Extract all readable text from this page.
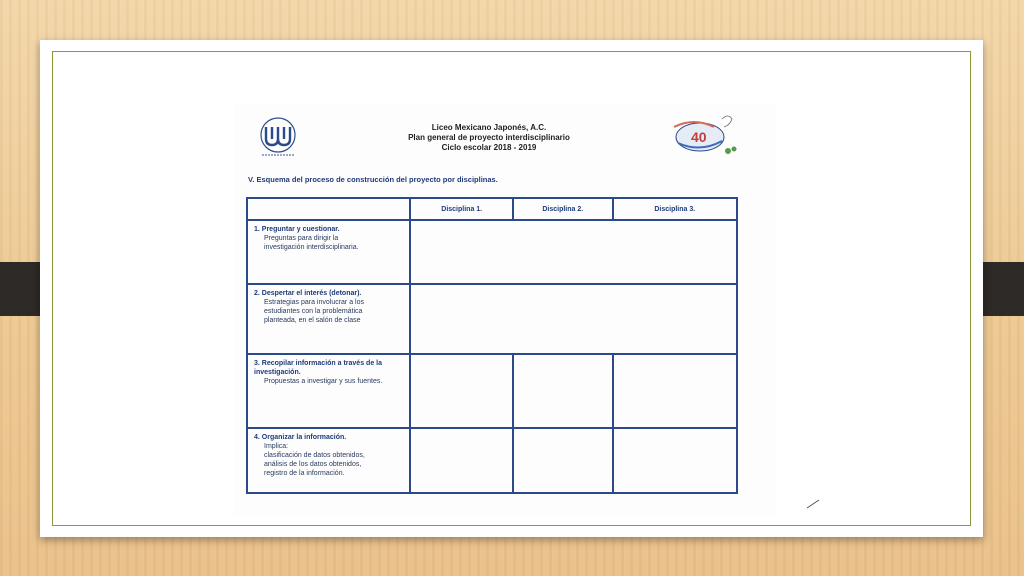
Liceo Mexicano Japonés, A.C.
Plan general de proyecto interdisciplinario
Ciclo escolar 2018 - 2019
40
V. Esquema del proceso de construcción del proyecto por disciplinas.
	Disciplina 1.	Disciplina 2.	Disciplina 3.

1. Preguntar y cuestionar.
Preguntas para dirigir la
investigación interdisciplinaria.			

2. Despertar el interés (detonar).
Estrategias para involucrar a los
estudiantes con la problemática
planteada, en el salón de clase			

3. Recopilar información a través de la investigación.
Propuestas a investigar y sus fuentes.			

4. Organizar la información.
Implica:
clasificación de datos obtenidos,
análisis de los datos obtenidos,
registro de la información.			
